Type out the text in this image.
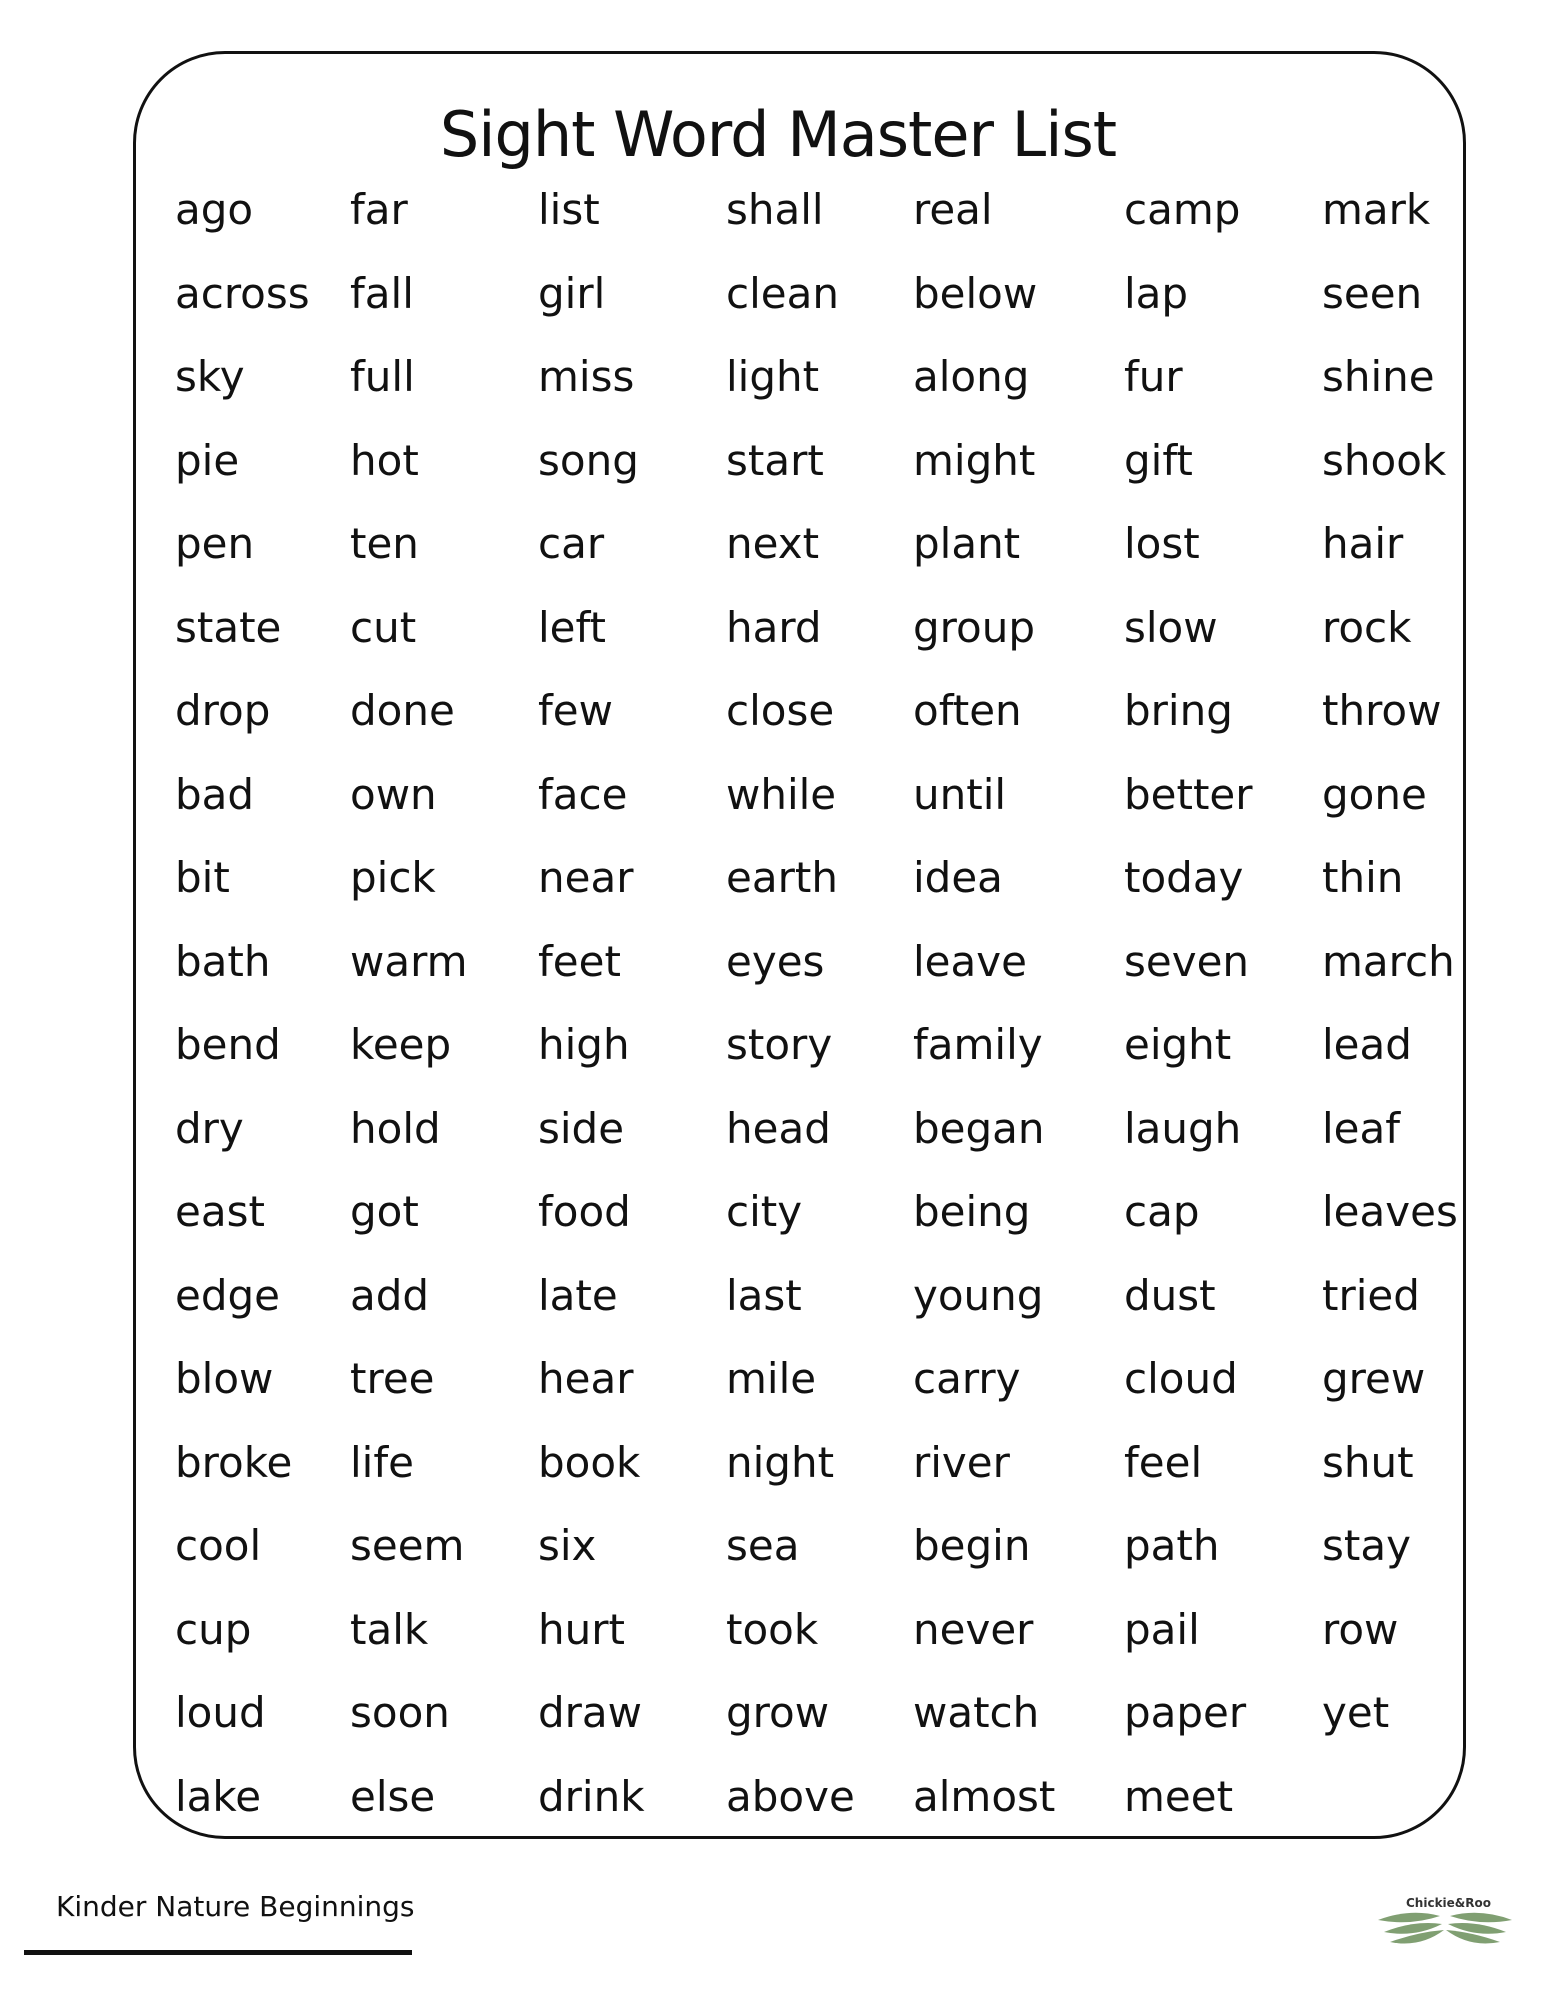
Sight Word Master List
ago
across
sky
pie
pen
state
drop
bad
bit
bath
bend
dry
east
edge
blow
broke
cool
cup
loud
lake
far
fall
full
hot
ten
cut
done
own
pick
warm
keep
hold
got
add
tree
life
seem
talk
soon
else
list
girl
miss
song
car
left
few
face
near
feet
high
side
food
late
hear
book
six
hurt
draw
drink
shall
clean
light
start
next
hard
close
while
earth
eyes
story
head
city
last
mile
night
sea
took
grow
above
real
below
along
might
plant
group
often
until
idea
leave
family
began
being
young
carry
river
begin
never
watch
almost
camp
lap
fur
gift
lost
slow
bring
better
today
seven
eight
laugh
cap
dust
cloud
feel
path
pail
paper
meet
mark
seen
shine
shook
hair
rock
throw
gone
thin
march
lead
leaf
leaves
tried
grew
shut
stay
row
yet
Kinder Nature Beginnings	Chickie&Roo
